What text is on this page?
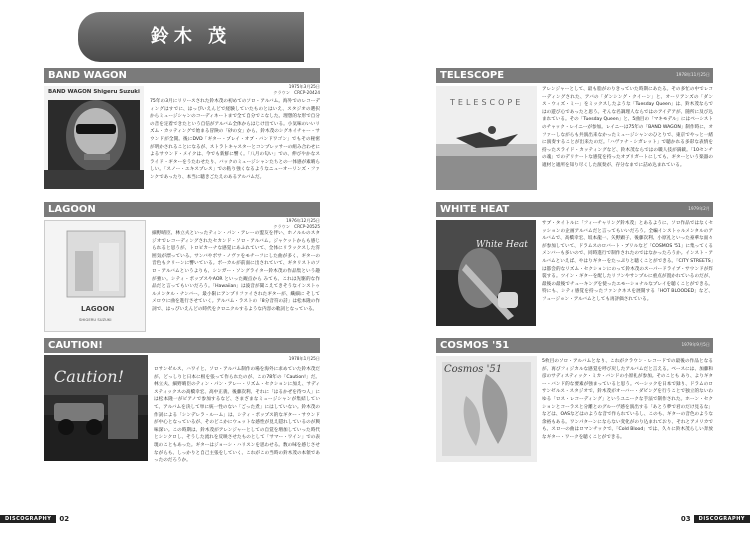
鈴木 茂
BAND WAGON
1975年3月25日
クラウン　CRCP-20424
BAND WAGON Shigeru Suzuki
75年の3月にリリースされた鈴木茂の初めてのソロ・アルバム。海外でのレコーディングはすでに、はっぴいえんどで経験していたものとはいえ、スタジオの選択からミュージシャンのコーディネートまで全て自分でこなした。理想的な形で自分の音を定着できたという自信がアルバム全体からはじけ出ている。小気味のいいリズム・カッティングで始まる冒険の「砂の女」から、鈴木茂のシグネイチャー・サウンドが全開。後にDVD「ギター・プレイ・オブ・バンドワゴン」でもその秘密が明かされることになるが、ストラトキャスターとコンプレッサーの組み合わせによるサウンド・メイクは、今でも新鮮に響く。「八月の匂い」での、伸びやかなスライド・ギターをうたわせたり、バックのミュージシャンたちとの一体感が素晴らしい。「スノー・エキスプレス」での粘り強くなるようなニューオーリンズ・ファンクであったり、本当に聴きごたえのあるアルバムだ。
LAGOON
1976年12月25日
クラウン　CRCP-20525
LAGOON
SHIGERU SUZUKI
細野晴臣、林立夫といったティン・パン・アレーの盟友を伴い、ホノルルのスタジオでレコーディングされたセカンド・ソロ・アルバム。ジャケットからも感じられると思うが、トロピカーナな感覚にあふれていて、全体にリラックスした雰囲気が漂っている。サンバやボサ・ノヴァをモチーフにした曲が多く、ギターの音色もクリーンに響いている。ボーカルが前面に出されていて、ギタリストのソロ・アルバムというよりも、シンガー・ソングライター鈴木茂の作品集という趣が強い。シティ・ポップスやAOR といった観点から みても、これは先駆的な作品だと言ってもいいだろう。「Hawaiian」は波音が聞こえてきそうなインストゥルメンタル・ナンバー。最小限にアンプリファイされたギターが、繊細に そしてメロウに曲を進行させていく。アルバム・ラストの「8分音符の詩」は松本隆の作詞で、はっぴいえんどの時代をクロニクルするような内容の歌詞となっている。
CAUTION!
1978年1月25日
Caution!	ロサンゼルス、ハワイと、ソロ・アルバム制作の場を海外に求めていた鈴木茂だが、どっしりと日本に根を張って作られたのが、この78年の「Caution!」だ。林立夫、細野晴臣のティン・パン・アレー・リズム・セクションに加え、サディスティックスの高橋幸宏、高中正義、後藤次利、それに「はるかぜを待つ人」には松本隆一がピアノで参加するなど、さまざまなミュージシャンが集結していて、アルバムを決して単に統一性のない「ごった煮」にはしていない。鈴木茂の作詞による「シンデレラ・ルーム」は、シティ・ポップス的なギター・サウンドが中心となっているが、そのどこかにウェットな感性が見え隠れしているのが興味深い。この時期は、鈴木茂がアレンジャーとしての自覚を増加していった時代とシンクロし、そうした流れを反映させたものとして「サマー・ワイン」での表現のこともあった。ギターはジョーシ・ハリスンを思わせる。数の味を感じさせながらも、しっかりと自己主張をしていく、これがこの当時の鈴木茂の本領であったのだろうか。
TELESCOPE	1978年11月25日
TELESCOPE
アレンジャーとして、最も脂がのりきっていた時期にあたる。その多忙の中でレコーディングされた、アバの「ダンシング・クイーン」と、オーリアンズの「ダンス・ウィズ・ミー」をミックスしたような「Tuesday Queen」は、鈴木茂ならではの遊び心であったと思う。そんな名調理人ならではのアイデアが、随所に及び込まれている。その「Tuesday Queen」と、5曲目の「マキモデル」にはベーシストのチャック・レイニーが参加。レイニーは75年の「BAND WAGON」制作時に、オファーしながらも共演出来なかったミュージシャンのひとりで、東京でやっと一緒に演奏することが出来たのだ。「ハヴァナ・シガレット」で聴かれる多彩な表情を持ったスライド・カッティングなど、鈴木茂ならではの職人技が満載。「10センチの魂」でのデリケートな感覚を持ったオブリガートにしても、ギターという楽器の適材と適所を知り尽くした演奏が、存分なまでに詰め込まれている。
WHITE HEAT	1979年2月
White Heat
サブ・タイトルに「フィーチャリング鈴木茂」とあるように、ソロ作品ではなくセッションの企画アルバムだと言ってもいいだろう。全編インストゥルメンタルのアルバムで、高橋幸宏、坂本龍一、矢野顕子、後藤次利、小原礼といった豪華な面々が参加していて、ドラムスのロバート・ブリルなど「COSMOS '51」に集ってくるメンバーも多いので、同時進行で制作されたのではなかったろうか。インスト・アルバムといえば、やはりギターをたっぷりと聴くことができる。「CITY STREETS」は都会的なリズム・セクションにのって鈴木茂のスーパードライブ・サウンドが炸裂する。ツイン・ギターを配したリフンやサンプルに重点が置かれているのだが、最後の最後でチューキングを使ったエモーショナルなプレイを聴くことができる。特にも、シティ感覚を持ったファンクネスを展開する「HOT BLOODED」など、フュージョン・アルバムとしても再評価されている。
COSMOS '51	1979年9月5日
Cosmos '51
5枚目のソロ・アルバムとなり、これがクラウン・レコードでの最後の作品となるが、再びフィジカルな感覚を呼び戻したアルバムだと言える。ベースには、加藤和彦のサディスティック・ミカ・バンドの小原礼が参加。そのことも あり、よりギター・バンド的な要素が強まっていると思う。ベーシックを日本で録り、ドラムのロサンゼルス・スタジオで、鈴木茂がオーバー・ダビングを行うことで独立的ないわゆる「ロス・レコーディング」というユニークな手法で制作された。ホーン・セクションとコーラスと分離とのグルーヴ感を演出する「あとう夢で君のだけ見るな」などは、OASなどはのような音で作られているし、このも、ギターの音色のような余裕もある。ワンパターンにならない変化がのり込まれており、それとアメリカでも、スローの曲はロマンチックで、「Cold Blood」では、久々に鈴木茂らしい奔放なギター・ワークを聴くことができる。
DISCOGRAPHY 02	03 DISCOGRAPHY
